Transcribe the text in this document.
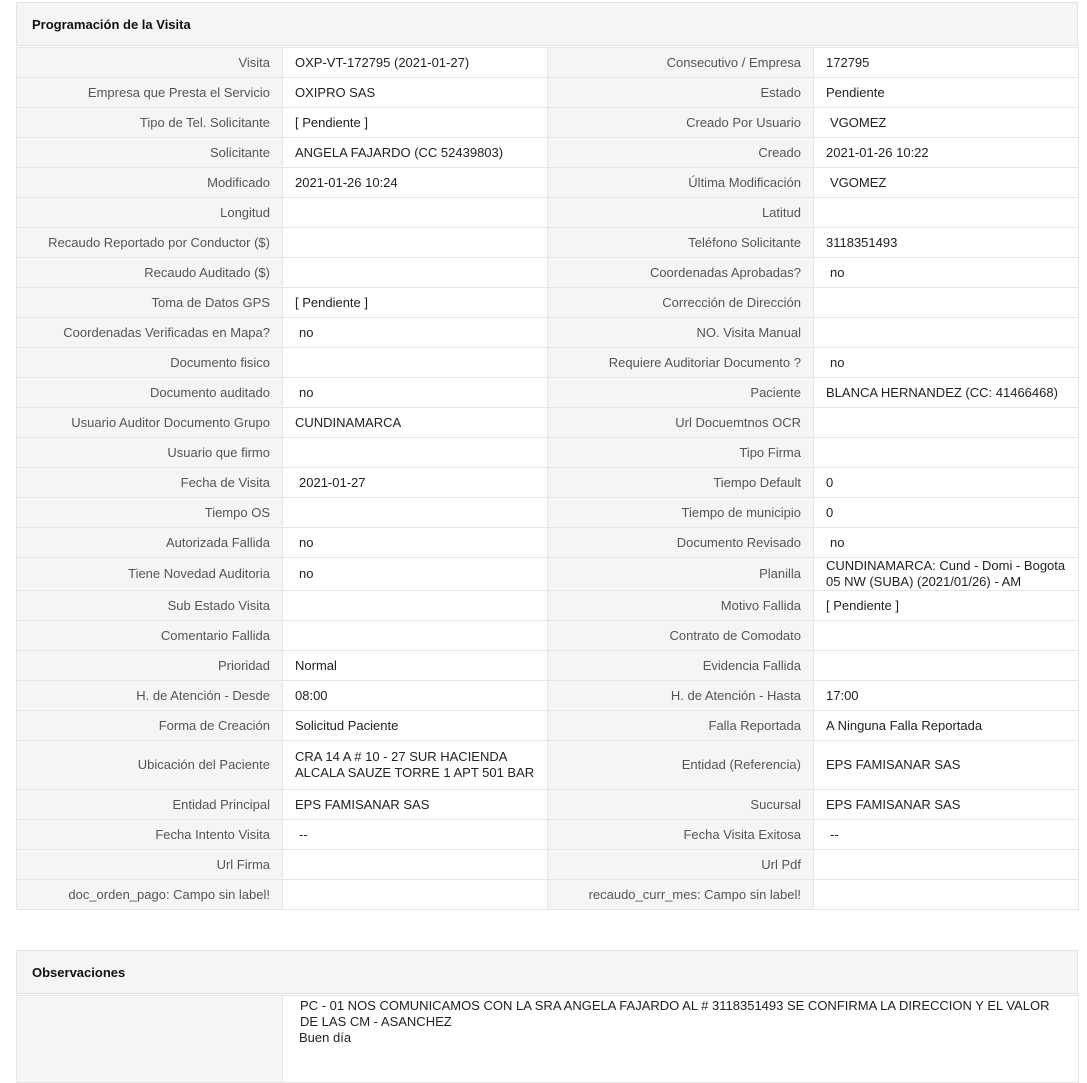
Programación de la Visita
Visita	OXP-VT-172795 (2021-01-27)	Consecutivo / Empresa	172795
Empresa que Presta el Servicio	OXIPRO SAS	Estado	Pendiente
Tipo de Tel. Solicitante	[ Pendiente ]	Creado Por Usuario	VGOMEZ
Solicitante	ANGELA FAJARDO (CC 52439803)	Creado	2021-01-26 10:22
Modificado	2021-01-26 10:24	Última Modificación	VGOMEZ
Longitud		Latitud	
Recaudo Reportado por Conductor ($)		Teléfono Solicitante	3118351493
Recaudo Auditado ($)		Coordenadas Aprobadas?	no
Toma de Datos GPS	[ Pendiente ]	Corrección de Dirección	
Coordenadas Verificadas en Mapa?	no	NO. Visita Manual	
Documento fisico		Requiere Auditoriar Documento ?	no
Documento auditado	no	Paciente	BLANCA HERNANDEZ (CC: 41466468)
Usuario Auditor Documento Grupo	CUNDINAMARCA	Url Docuemtnos OCR	
Usuario que firmo		Tipo Firma	
Fecha de Visita	2021-01-27	Tiempo Default	0
Tiempo OS		Tiempo de municipio	0
Autorizada Fallida	no	Documento Revisado	no
Tiene Novedad Auditoria	no	Planilla	CUNDINAMARCA: Cund - Domi - Bogota 05 NW (SUBA) (2021/01/26) - AM
Sub Estado Visita		Motivo Fallida	[ Pendiente ]
Comentario Fallida		Contrato de Comodato	
Prioridad	Normal	Evidencia Fallida	
H. de Atención - Desde	08:00	H. de Atención - Hasta	17:00
Forma de Creación	Solicitud Paciente	Falla Reportada	A Ninguna Falla Reportada
Ubicación del Paciente	CRA 14 A # 10 - 27 SUR HACIENDA ALCALA SAUZE TORRE 1 APT 501 BAR	Entidad (Referencia)	EPS FAMISANAR SAS
Entidad Principal	EPS FAMISANAR SAS	Sucursal	EPS FAMISANAR SAS
Fecha Intento Visita	--	Fecha Visita Exitosa	--
Url Firma		Url Pdf	
doc_orden_pago: Campo sin label!		recaudo_curr_mes: Campo sin label!	
Observaciones

PC - 01 NOS COMUNICAMOS CON LA SRA ANGELA FAJARDO AL # 3118351493 SE CONFIRMA LA DIRECCION Y EL VALOR DE LAS CM - ASANCHEZ
Buen día
